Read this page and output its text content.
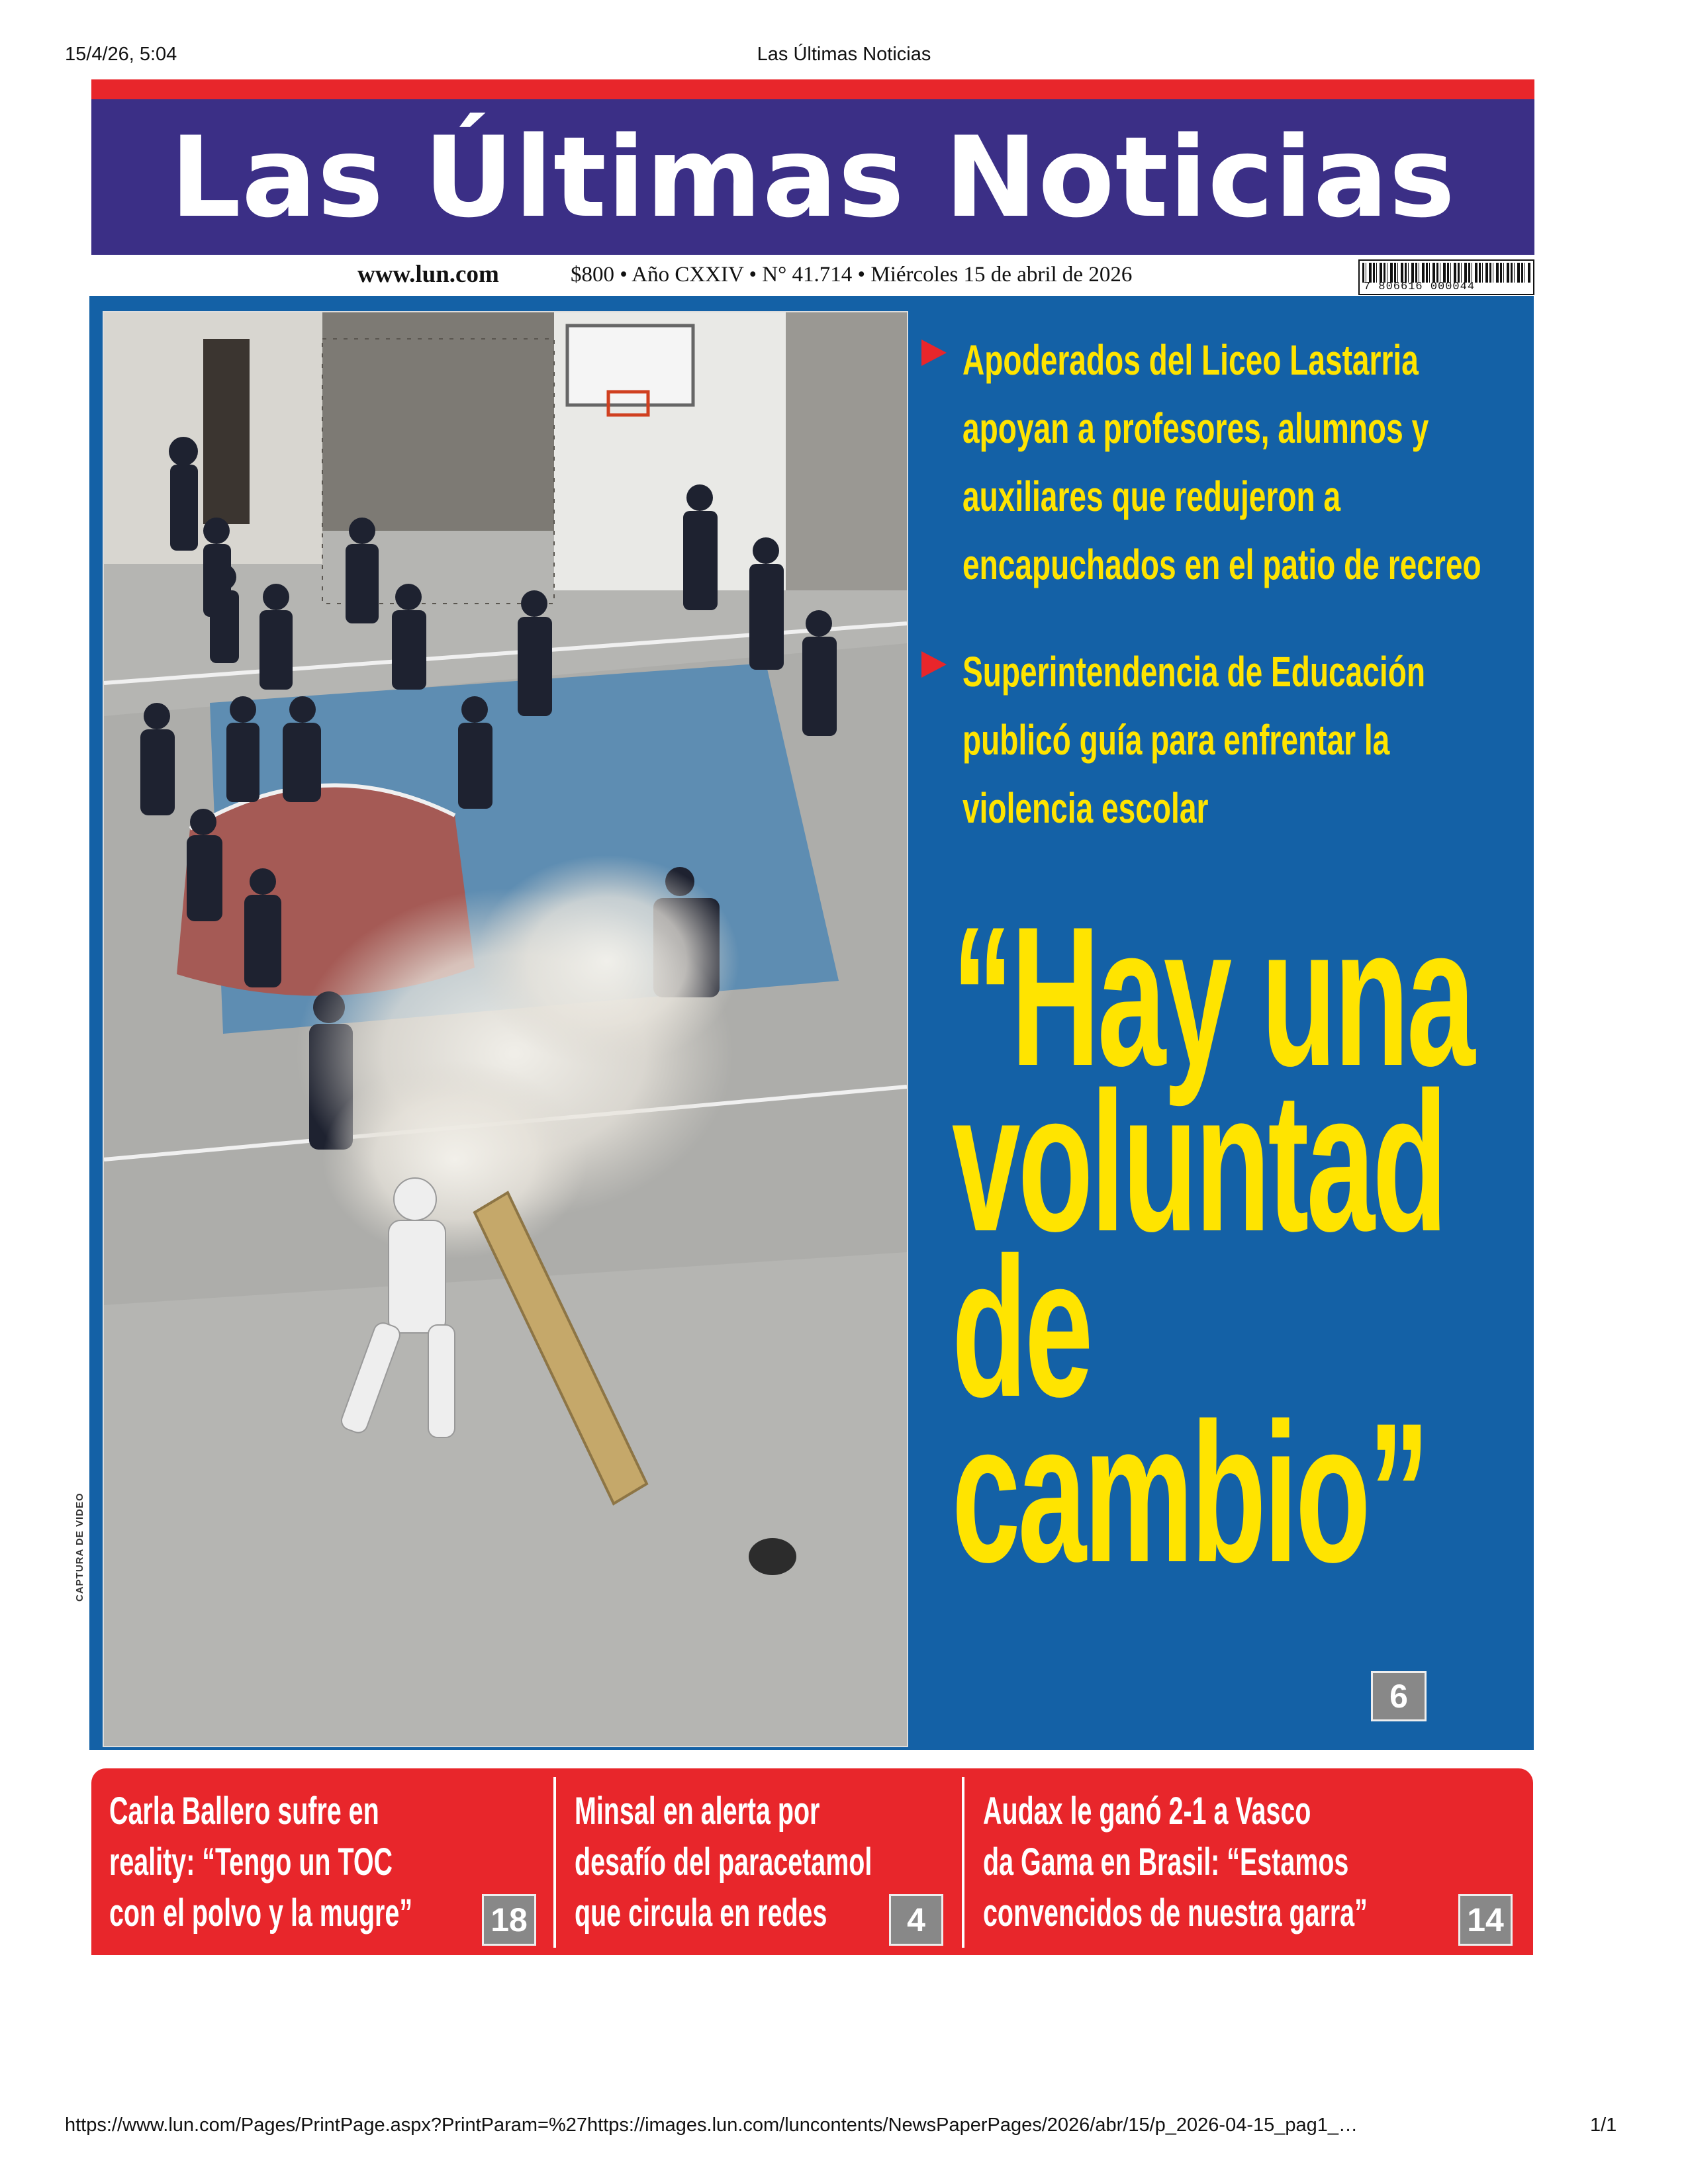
15/4/26, 5:04	Las Últimas Noticias
Las Últimas Noticias
www.lun.com	$800 • Año CXXIV • N° 41.714 • Miércoles 15 de abril de 2026
7 806616 000044
CAPTURA DE VIDEO
Apoderados del Liceo Lastarria apoyan a profesores, alumnos y auxiliares que redujeron a encapuchados en el patio de recreo
Superintendencia de Educación publicó guía para enfrentar la violencia escolar
“Hay
voluntad
de
cambio”
6
Carla Ballero sufre en
reality: “Tengo un TOC
con el polvo y la mugre”
Minsal en alerta por
desafío del paracetamol
que circula en redes
Audax le ganó 2-1 a Vasco
da Gama en Brasil: “Estamos
convencidos de nuestra garra”
18	4	14
https://www.lun.com/Pages/PrintPage.aspx?PrintParam=%27https://images.lun.com/luncontents/NewsPaperPages/2026/abr/15/p_2026-04-15_pag1_…	1/1
